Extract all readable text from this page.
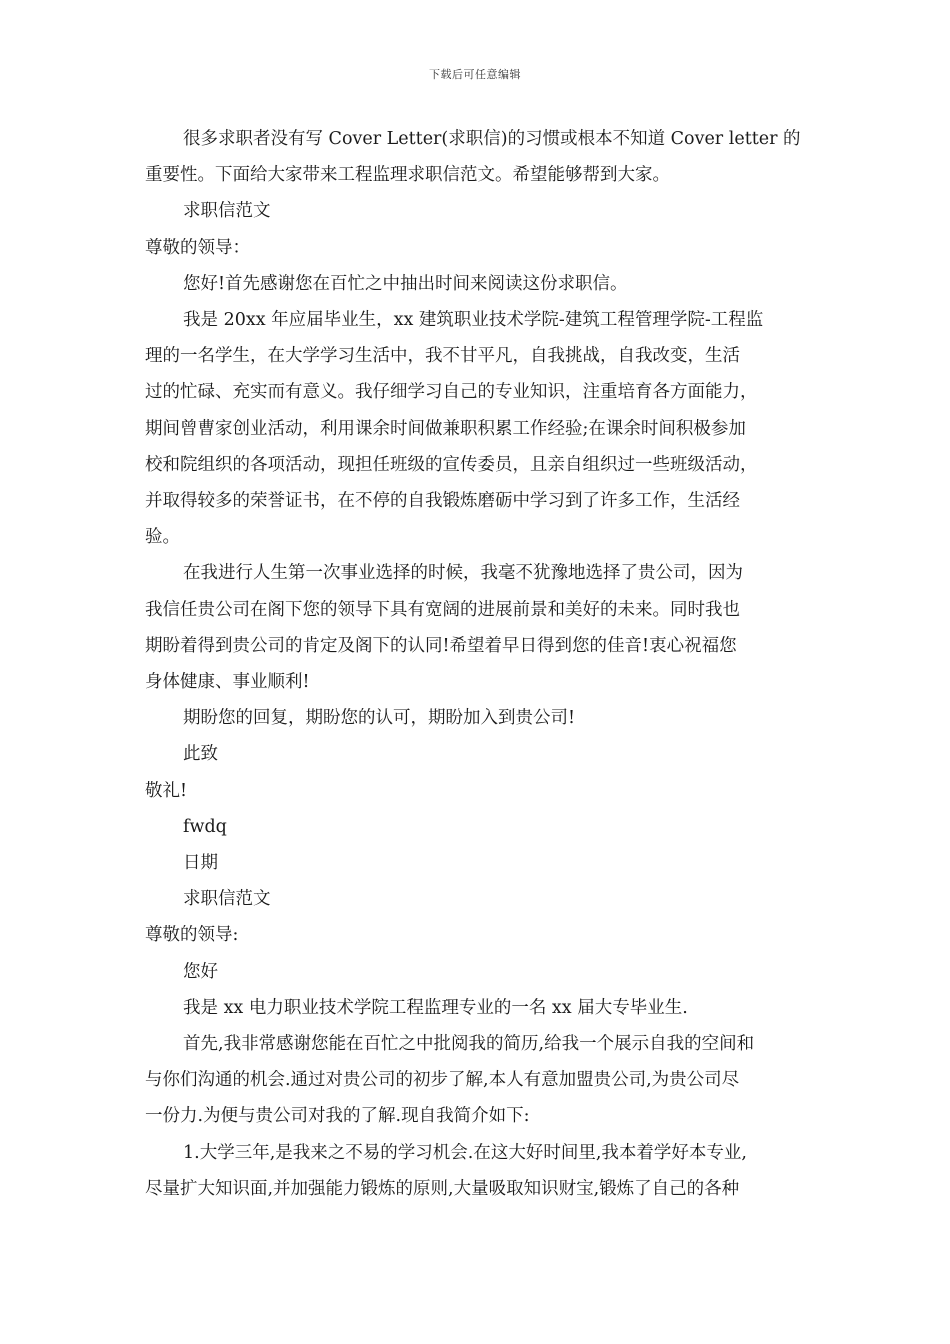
下载后可任意编辑

很多求职者没有写 Cover Letter(求职信)的习惯或根本不知道 Cover letter 的
重要性。下面给大家带来工程监理求职信范文。希望能够帮到大家。

求职信范文

尊敬的领导：

您好!首先感谢您在百忙之中抽出时间来阅读这份求职信。

我是 20xx 年应届毕业生，xx 建筑职业技术学院-建筑工程管理学院-工程监
理的一名学生，在大学学习生活中，我不甘平凡，自我挑战，自我改变，生活
过的忙碌、充实而有意义。我仔细学习自己的专业知识，注重培育各方面能力，
期间曾曹家创业活动，利用课余时间做兼职积累工作经验;在课余时间积极参加
校和院组织的各项活动，现担任班级的宣传委员，且亲自组织过一些班级活动，
并取得较多的荣誉证书，在不停的自我锻炼磨砺中学习到了许多工作，生活经
验。

在我进行人生第一次事业选择的时候，我毫不犹豫地选择了贵公司，因为
我信任贵公司在阁下您的领导下具有宽阔的进展前景和美好的未来。同时我也
期盼着得到贵公司的肯定及阁下的认同!希望着早日得到您的佳音!衷心祝福您
身体健康、事业顺利!

期盼您的回复，期盼您的认可，期盼加入到贵公司!

此致

敬礼!

fwdq

日期

求职信范文

尊敬的领导:

您好

我是 xx 电力职业技术学院工程监理专业的一名 xx 届大专毕业生.

首先,我非常感谢您能在百忙之中批阅我的简历,给我一个展示自我的空间和
与你们沟通的机会.通过对贵公司的初步了解,本人有意加盟贵公司,为贵公司尽
一份力.为便与贵公司对我的了解.现自我简介如下:

1.大学三年,是我来之不易的学习机会.在这大好时间里,我本着学好本专业,
尽量扩大知识面,并加强能力锻炼的原则,大量吸取知识财宝,锻炼了自己的各种
